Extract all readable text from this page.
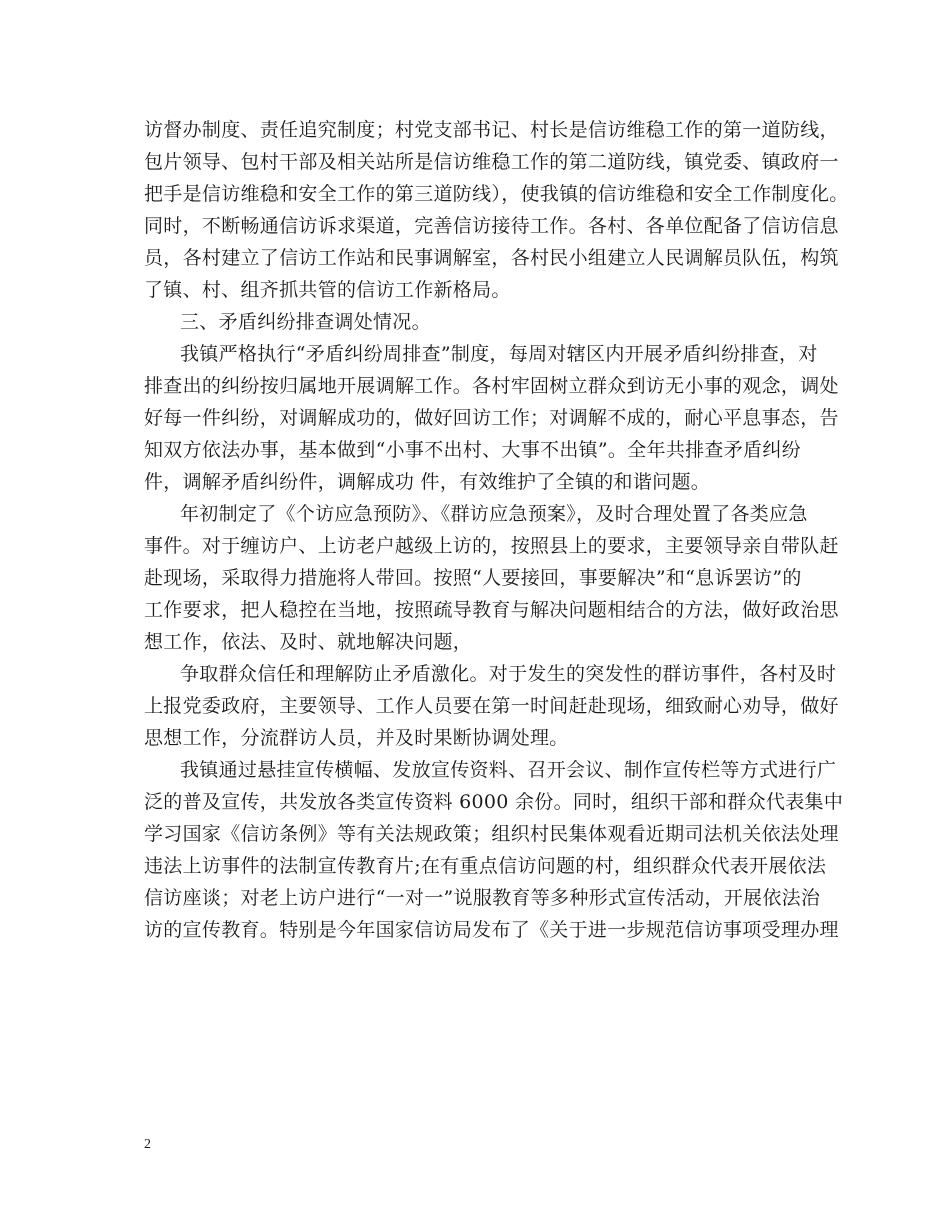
访督办制度、责任追究制度；村党支部书记、村长是信访维稳工作的第一道防线，
包片领导、包村干部及相关站所是信访维稳工作的第二道防线，镇党委、镇政府一
把手是信访维稳和安全工作的第三道防线），使我镇的信访维稳和安全工作制度化。
同时，不断畅通信访诉求渠道，完善信访接待工作。各村、各单位配备了信访信息
员，各村建立了信访工作站和民事调解室，各村民小组建立人民调解员队伍，构筑
了镇、村、组齐抓共管的信访工作新格局。
三、矛盾纠纷排查调处情况。
我镇严格执行“矛盾纠纷周排查”制度，每周对辖区内开展矛盾纠纷排查，对
排查出的纠纷按归属地开展调解工作。各村牢固树立群众到访无小事的观念，调处
好每一件纠纷，对调解成功的，做好回访工作；对调解不成的，耐心平息事态，告
知双方依法办事，基本做到“小事不出村、大事不出镇”。全年共排查矛盾纠纷
件，调解矛盾纠纷件，调解成功 件，有效维护了全镇的和谐问题。
年初制定了《个访应急预防》、《群访应急预案》，及时合理处置了各类应急
事件。对于缠访户、上访老户越级上访的，按照县上的要求，主要领导亲自带队赶
赴现场，采取得力措施将人带回。按照“人要接回，事要解决”和“息诉罢访”的
工作要求，把人稳控在当地，按照疏导教育与解决问题相结合的方法，做好政治思
想工作，依法、及时、就地解决问题，
争取群众信任和理解防止矛盾激化。对于发生的突发性的群访事件，各村及时
上报党委政府，主要领导、工作人员要在第一时间赶赴现场，细致耐心劝导，做好
思想工作，分流群访人员，并及时果断协调处理。
我镇通过悬挂宣传横幅、发放宣传资料、召开会议、制作宣传栏等方式进行广
泛的普及宣传，共发放各类宣传资料 6000 余份。同时，组织干部和群众代表集中
学习国家《信访条例》等有关法规政策；组织村民集体观看近期司法机关依法处理
违法上访事件的法制宣传教育片;在有重点信访问题的村，组织群众代表开展依法
信访座谈；对老上访户进行“一对一”说服教育等多种形式宣传活动，开展依法治
访的宣传教育。特别是今年国家信访局发布了《关于进一步规范信访事项受理办理
2
